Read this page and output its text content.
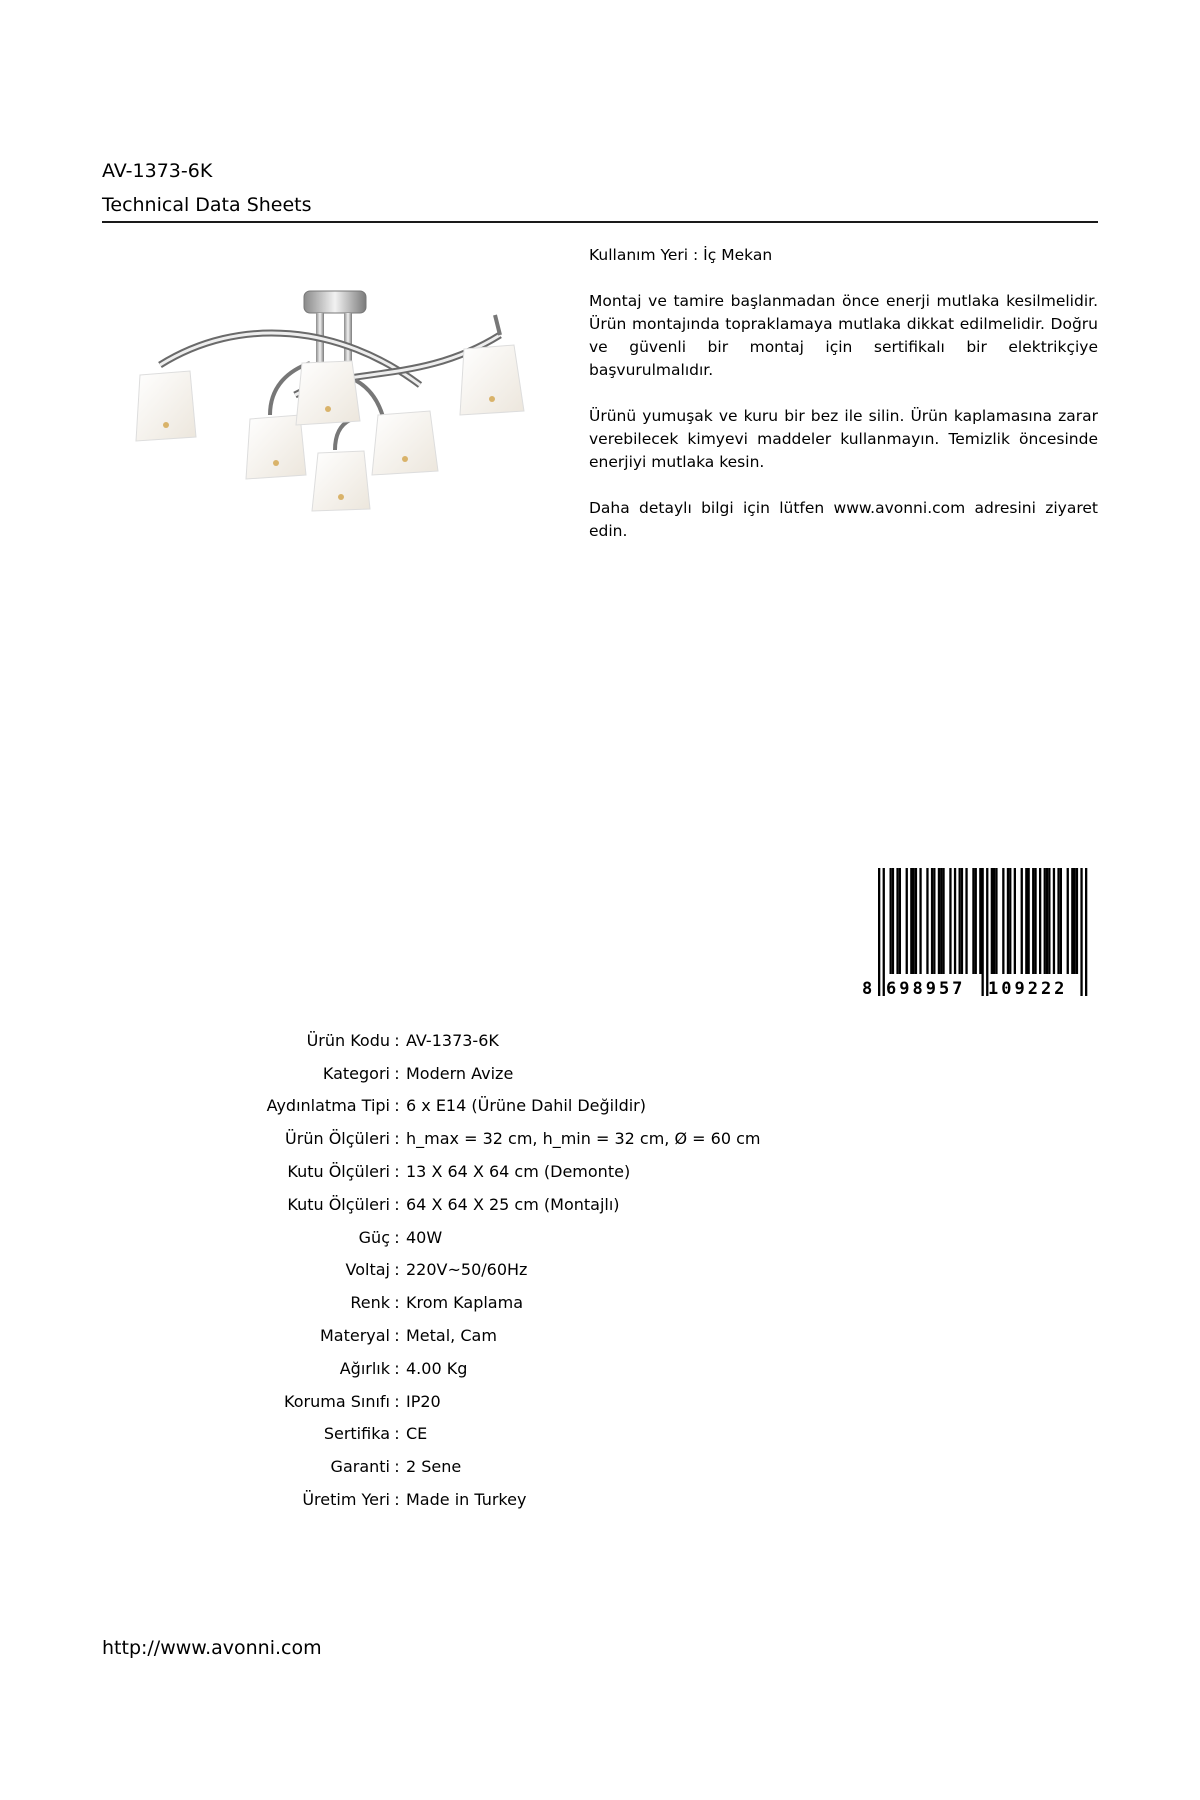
AV-1373-6K
Technical Data Sheets

Kullanım Yeri : İç Mekan

Montaj ve tamire başlanmadan önce enerji mutlaka kesilmelidir. Ürün montajında topraklamaya mutlaka dikkat edilmelidir. Doğru ve güvenli bir montaj için sertifikalı bir elektrikçiye başvurulmalıdır.

Ürünü yumuşak ve kuru bir bez ile silin. Ürün kaplamasına zarar verebilecek kimyevi maddeler kullanmayın. Temizlik öncesinde enerjiyi mutlaka kesin.

Daha detaylı bilgi için lütfen www.avonni.com adresini ziyaret edin.

8 698957 109222
Ürün Kodu : AV-1373-6K
Kategori : Modern Avize
Aydınlatma Tipi : 6 x E14 (Ürüne Dahil Değildir)
Ürün Ölçüleri : h_max = 32 cm, h_min = 32 cm, Ø = 60 cm
Kutu Ölçüleri : 13 X 64 X 64 cm (Demonte)
Kutu Ölçüleri : 64 X 64 X 25 cm (Montajlı)
Güç : 40W
Voltaj : 220V~50/60Hz
Renk : Krom Kaplama
Materyal : Metal, Cam
Ağırlık : 4.00 Kg
Koruma Sınıfı : IP20
Sertifika : CE
Garanti : 2 Sene
Üretim Yeri : Made in Turkey
http://www.avonni.com
